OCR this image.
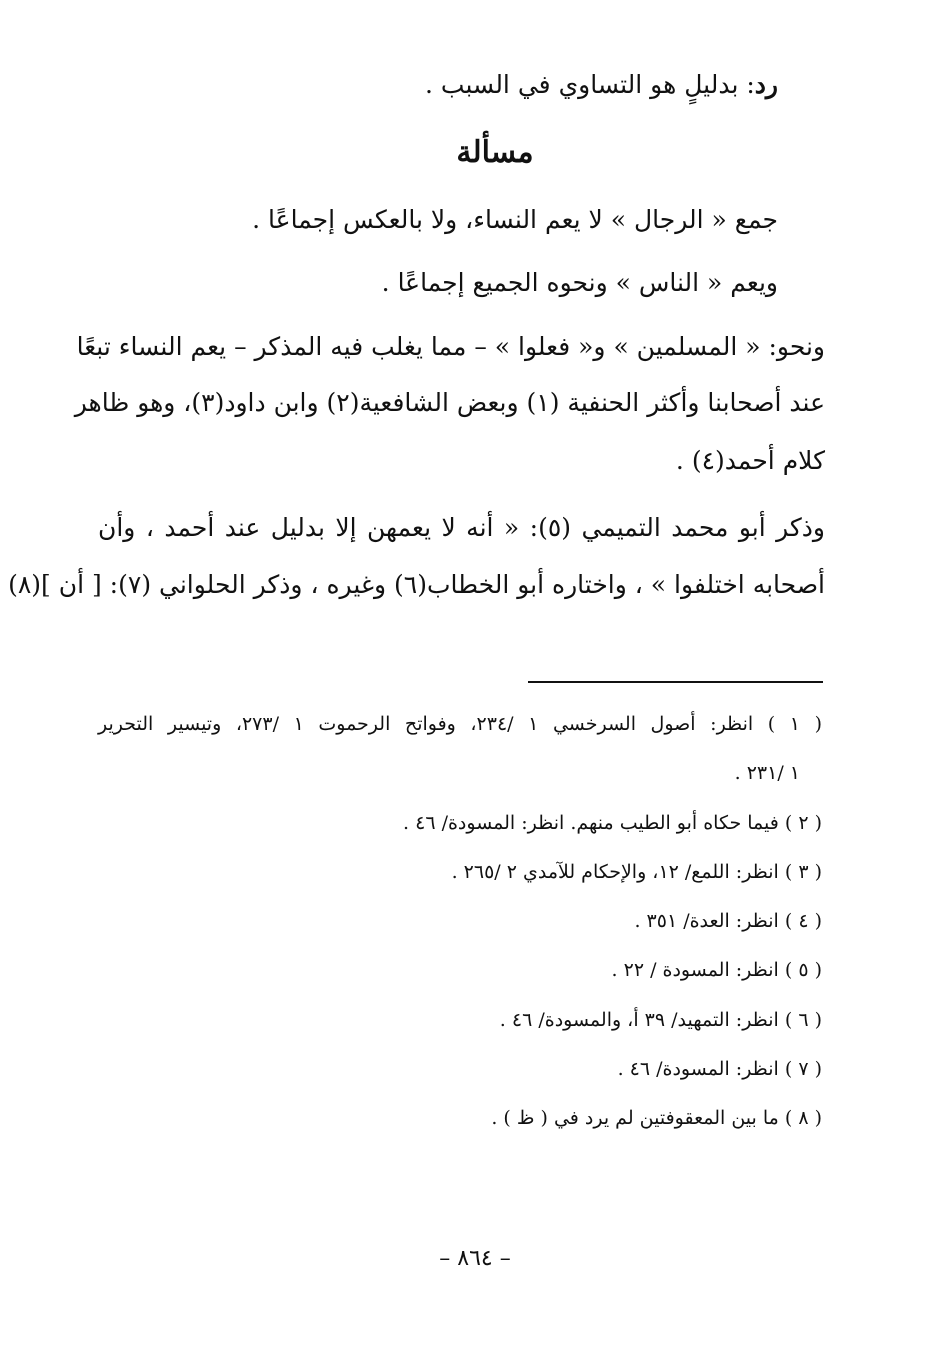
رد: بدليلٍ هو التساوي في السبب .
مسألة
جمع « الرجال » لا يعم النساء، ولا بالعكس إجماعًا .
ويعم « الناس » ونحوه الجميع إجماعًا .
ونحو: « المسلمين » و« فعلوا » – مما يغلب فيه المذكر – يعم النساء تبعًا
عند أصحابنا وأكثر الحنفية (١) وبعض الشافعية(٢) وابن داود(٣)، وهو ظاهر
كلام أحمد(٤) .
وذكر أبو محمد التميمي (٥): « أنه لا يعمهن إلا بدليل عند أحمد ، وأن
أصحابه اختلفوا » ، واختاره أبو الخطاب(٦) وغيره ، وذكر الحلواني (٧): [ أن ](٨)
( ١ ) انظر: أصول السرخسي ١ /٢٣٤، وفواتح الرحموت ١ /٢٧٣، وتيسير التحرير
١ /٢٣١ .
( ٢ ) فيما حكاه أبو الطيب منهم. انظر: المسودة/ ٤٦ .
( ٣ ) انظر: اللمع/ ١٢، والإحكام للآمدي ٢ /٢٦٥ .
( ٤ ) انظر: العدة/ ٣٥١ .
( ٥ ) انظر: المسودة / ٢٢ .
( ٦ ) انظر: التمهيد/ ٣٩ أ، والمسودة/ ٤٦ .
( ٧ ) انظر: المسودة/ ٤٦ .
( ٨ ) ما بين المعقوفتين لم يرد في ( ظ ) .
– ٨٦٤ –
